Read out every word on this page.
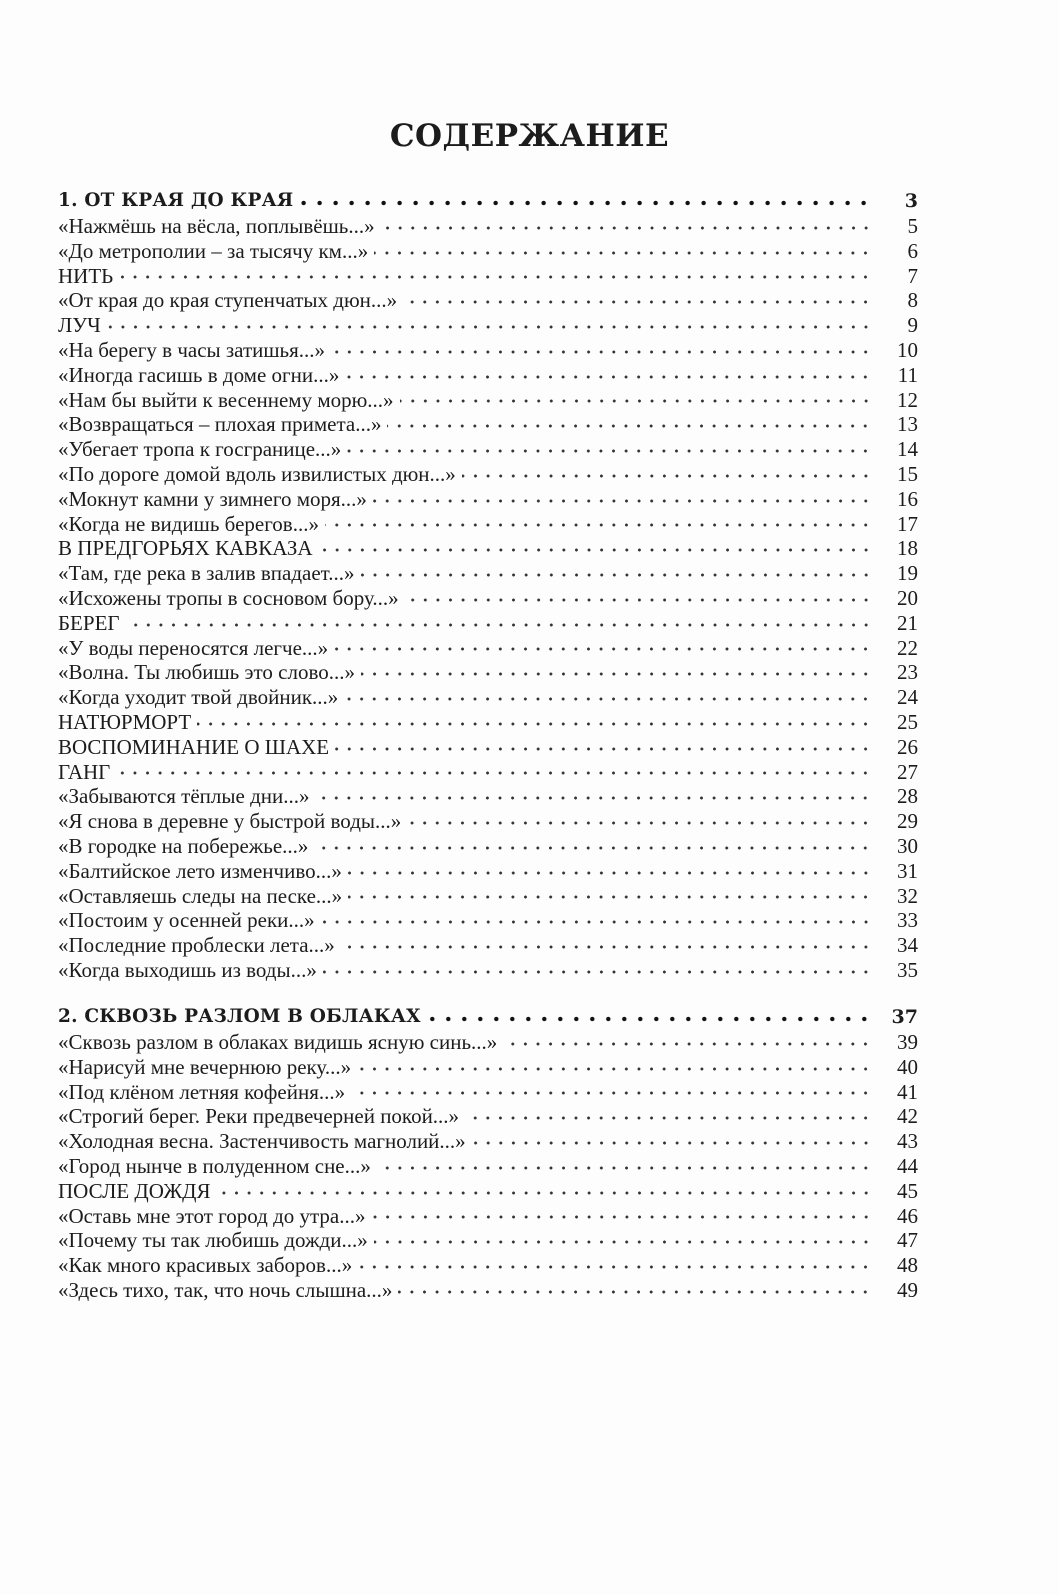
СОДЕРЖАНИЕ
1. ОТ КРАЯ ДО КРАЯ	3
«Нажмёшь на вёсла, поплывёшь...»	5
«До метрополии – за тысячу км...»	6
НИТЬ	7
«От края до края ступенчатых дюн...»	8
ЛУЧ	9
«На берегу в часы затишья...»	10
«Иногда гасишь в доме огни...»	11
«Нам бы выйти к весеннему морю...»	12
«Возвращаться – плохая примета...»	13
«Убегает тропа к госгранице...»	14
«По дороге домой вдоль извилистых дюн...»	15
«Мокнут камни у зимнего моря...»	16
«Когда не видишь берегов...»	17
В ПРЕДГОРЬЯХ КАВКАЗА	18
«Там, где река в залив впадает...»	19
«Исхожены тропы в сосновом бору...»	20
БЕРЕГ	21
«У воды переносятся легче...»	22
«Волна. Ты любишь это слово...»	23
«Когда уходит твой двойник...»	24
НАТЮРМОРТ	25
ВОСПОМИНАНИЕ О ШАХЕ	26
ГАНГ	27
«Забываются тёплые дни...»	28
«Я снова в деревне у быстрой воды...»	29
«В городке на побережье...»	30
«Балтийское лето изменчиво...»	31
«Оставляешь следы на песке...»	32
«Постоим у осенней реки...»	33
«Последние проблески лета...»	34
«Когда выходишь из воды...»	35
2. СКВОЗЬ РАЗЛОМ В ОБЛАКАХ	37
«Сквозь разлом в облаках видишь ясную синь...»	39
«Нарисуй мне вечернюю реку...»	40
«Под клёном летняя кофейня...»	41
«Строгий берег. Реки предвечерней покой...»	42
«Холодная весна. Застенчивость магнолий...»	43
«Город нынче в полуденном сне...»	44
ПОСЛЕ ДОЖДЯ	45
«Оставь мне этот город до утра...»	46
«Почему ты так любишь дожди...»	47
«Как много красивых заборов...»	48
«Здесь тихо, так, что ночь слышна...»	49
